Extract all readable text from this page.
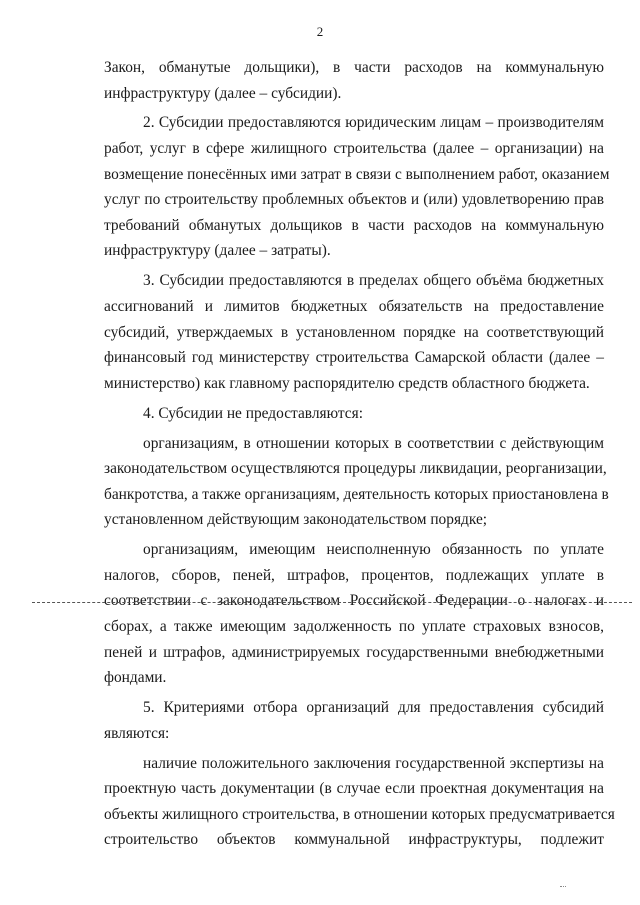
2
Закон, обманутые дольщики), в части расходов на коммунальную
инфраструктуру (далее – субсидии).
2. Субсидии предоставляются юридическим лицам – производителям
работ, услуг в сфере жилищного строительства (далее – организации) на
возмещение понесённых ими затрат в связи с выполнением работ, оказанием
услуг по строительству проблемных объектов и (или) удовлетворению прав
требований обманутых дольщиков в части расходов на коммунальную
инфраструктуру (далее – затраты).
3. Субсидии предоставляются в пределах общего объёма бюджетных
ассигнований и лимитов бюджетных обязательств на предоставление
субсидий, утверждаемых в установленном порядке на соответствующий
финансовый год министерству строительства Самарской области (далее –
министерство) как главному распорядителю средств областного бюджета.
4. Субсидии не предоставляются:
организациям, в отношении которых в соответствии с действующим
законодательством осуществляются процедуры ликвидации, реорганизации,
банкротства, а также организациям, деятельность которых приостановлена в
установленном действующим законодательством порядке;
организациям, имеющим неисполненную обязанность по уплате
налогов, сборов, пеней, штрафов, процентов, подлежащих уплате в
соответствии с законодательством Российской Федерации о налогах и
сборах, а также имеющим задолженность по уплате страховых взносов,
пеней и штрафов, администрируемых государственными внебюджетными
фондами.
5. Критериями отбора организаций для предоставления субсидий
являются:
наличие положительного заключения государственной экспертизы на
проектную часть документации (в случае если проектная документация на
объекты жилищного строительства, в отношении которых предусматривается
строительство объектов коммунальной инфраструктуры, подлежит
